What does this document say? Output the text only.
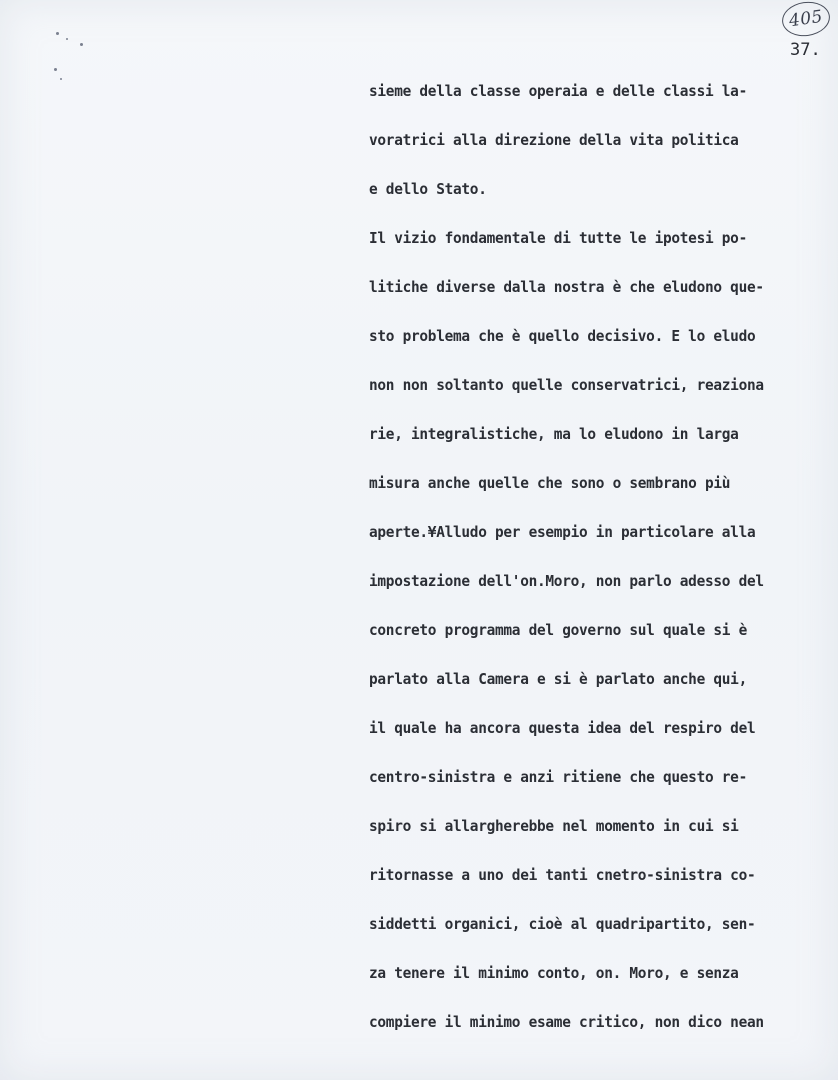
405
37.
sieme della classe operaia e delle classi la-
voratrici alla direzione della vita politica
e dello Stato.
Il vizio fondamentale di tutte le ipotesi po-
litiche diverse dalla nostra è che eludono que-
sto problema che è quello decisivo. E lo eludo
non non soltanto quelle conservatrici, reaziona
rie, integralistiche, ma lo eludono in larga
misura anche quelle che sono o sembrano più
aperte.¥Alludo per esempio in particolare alla
impostazione dell'on.Moro, non parlo adesso del
concreto programma del governo sul quale si è
parlato alla Camera e si è parlato anche qui,
il quale ha ancora questa idea del respiro del
centro-sinistra e anzi ritiene che questo re-
spiro si allargherebbe nel momento in cui si
ritornasse a uno dei tanti cnetro-sinistra co-
siddetti organici, cioè al quadripartito, sen-
za tenere il minimo conto, on. Moro, e senza
compiere il minimo esame critico, non dico nean
